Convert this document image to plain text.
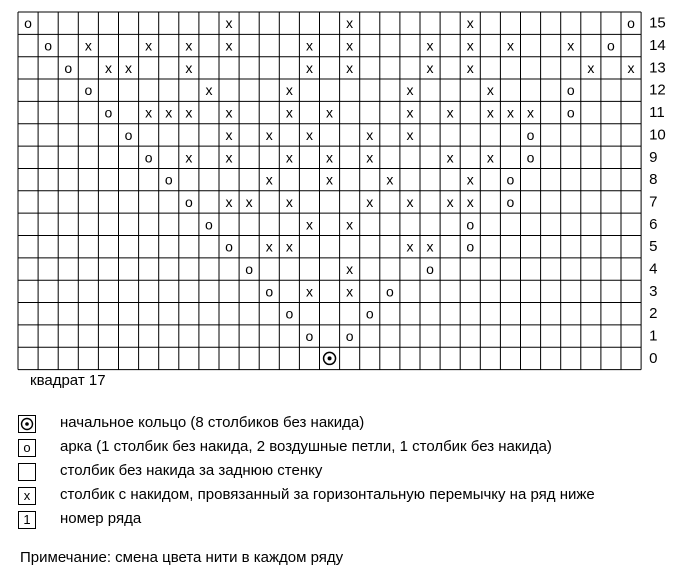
o	x	x	x	o 15
o x	x x x	x x	x x x	x o 14
o x x	x	x x	x x	x x 13
o	x	x	x	x	o	12
o x x x x	x x	x x x x x o	11
o	x x x	x x	o	10
o x x	x x x	x x o	9
o	x	x	x	x o	8
o x x x	x x x x o	7
o	x x	o	6
o x x	x x o	5
o	x	o	4
o x x o	3
o	o	2
o o	1
0
квадрат 17
начальное кольцо (8 столбиков без накида)
o	арка (1 столбик без накида, 2 воздушные петли, 1 столбик без накида)
столбик без накида за заднюю стенку
x	столбик с накидом, провязанный за горизонтальную перемычку на ряд ниже
1	номер ряда
Примечание: смена цвета нити в каждом ряду
